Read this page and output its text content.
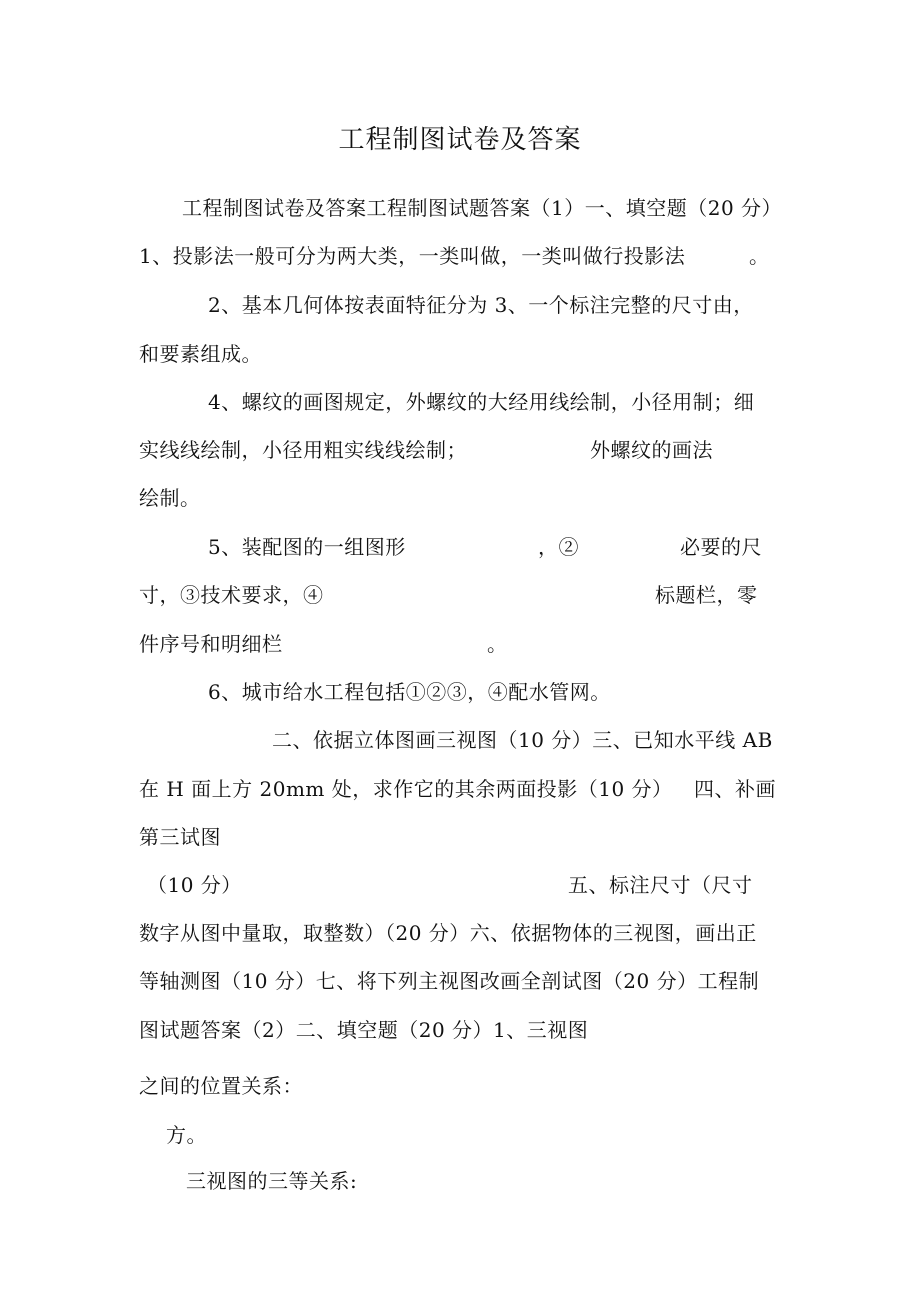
工程制图试卷及答案
工程制图试卷及答案工程制图试题答案（1）一、填空题（20 分）
1、投影法一般可分为两大类，一类叫做，一类叫做行投影法	。
2、基本几何体按表面特征分为 3、一个标注完整的尺寸由，
和要素组成。
4、螺纹的画图规定，外螺纹的大经用线绘制，小径用制；细
实线线绘制，小径用粗实线线绘制；	外螺纹的画法
绘制。
5、装配图的一组图形	，②	必要的尺
寸，③技术要求，④	标题栏，零
件序号和明细栏	。
6、城市给水工程包括①②③，④配水管网。
二、依据立体图画三视图（10 分）三、已知水平线 AB
在 H 面上方 20mm 处，求作它的其余两面投影（10 分） 四、补画
第三试图
（10 分）	五、标注尺寸（尺寸
数字从图中量取，取整数）（20 分）六、依据物体的三视图，画出正
等轴测图（10 分）七、将下列主视图改画全剖试图（20 分）工程制
图试题答案（2）二、填空题（20 分）1、三视图
之间的位置关系：
方。
三视图的三等关系:
